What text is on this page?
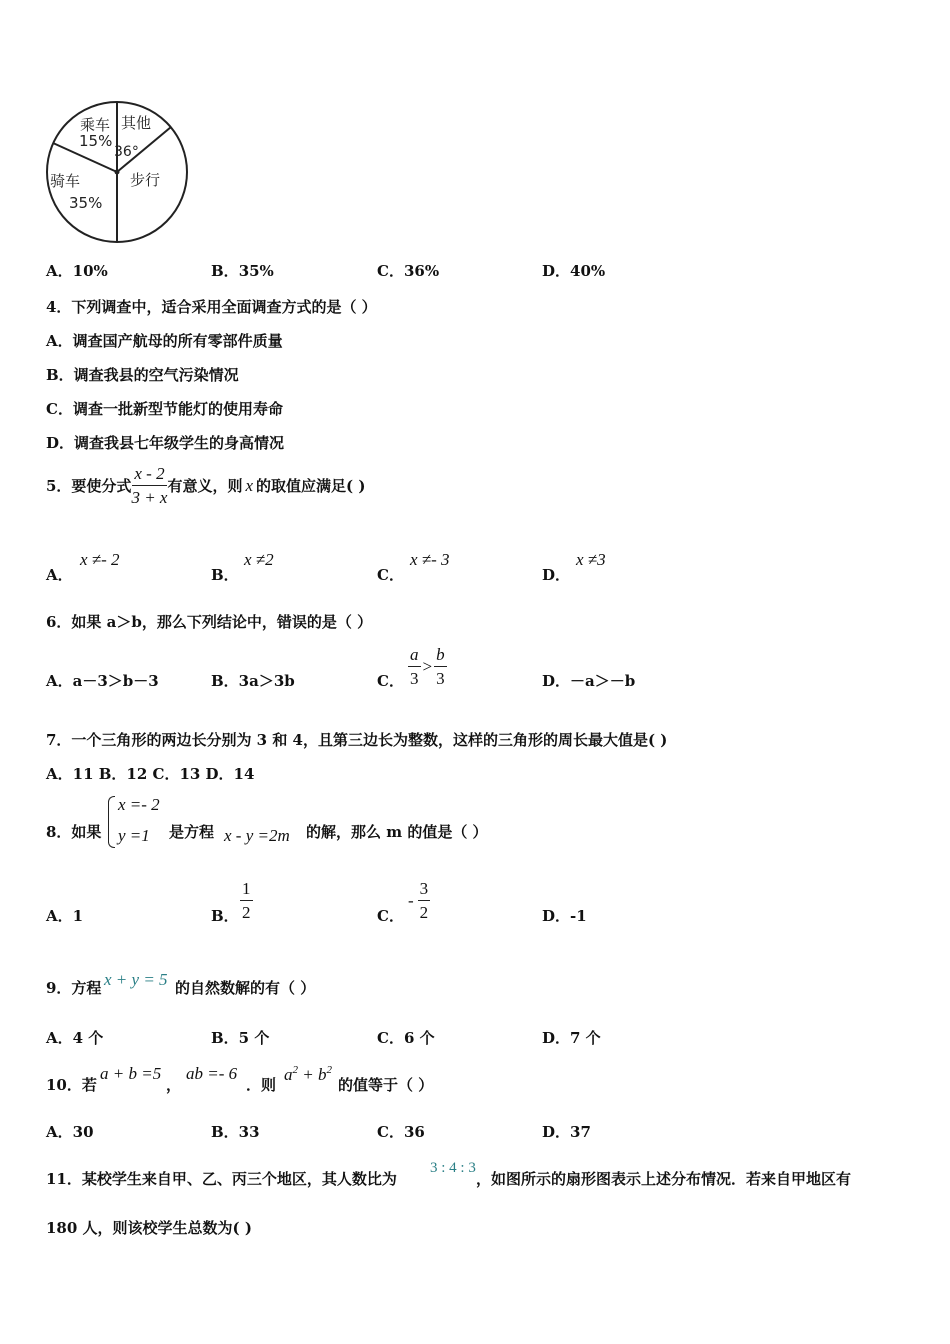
乘车
15%
其他
36°
骑车
35%
步行
A．10%	B．35%	C．36%	D．40%
4．下列调查中，适合采用全面调查方式的是（ ）
A．调查国产航母的所有零部件质量
B．调查我县的空气污染情况
C．调查一批新型节能灯的使用寿命
D．调查我县七年级学生的身高情况
5．要使分式 $\frac{x - 2}{3 + x}$ 有意义，则 x 的取值应满足( )
A．
x ≠- 2
B．
x ≠2
C．
x ≠- 3
D．
x ≠3
6．如果 a＞b，那么下列结论中，错误的是（ ）
A．a－3＞b－3	B．3a＞3b	C． $\frac{a}{3} > \frac{b}{3}$	D．－a＞－b
7．一个三角形的两边长分别为 3 和 4，且第三边长为整数，这样的三角形的周长最大值是( )
A．11 B．12 C．13 D．14
8．如果
x =- 2
y =1 是方程 x - y =2m 的解，那么 m 的值是（ ）
A．1	B． $\frac{1}{2}$	C．
- $\frac{3}{2}$	D．-1
9．方程 x + y = 5 的自然数解的有（ ）
A．4 个	B．5 个	C．6 个	D．7 个
10．若
a + b =5
，
ab =- 6
．则
$a^2 + b^2$
的值等于（ ）
A．30	B．33	C．36	D．37
11．某校学生来自甲、乙、丙三个地区，其人数比为
3 : 4 : 3
，如图所示的扇形图表示上述分布情况．若来自甲地区有
180 人，则该校学生总数为( )
